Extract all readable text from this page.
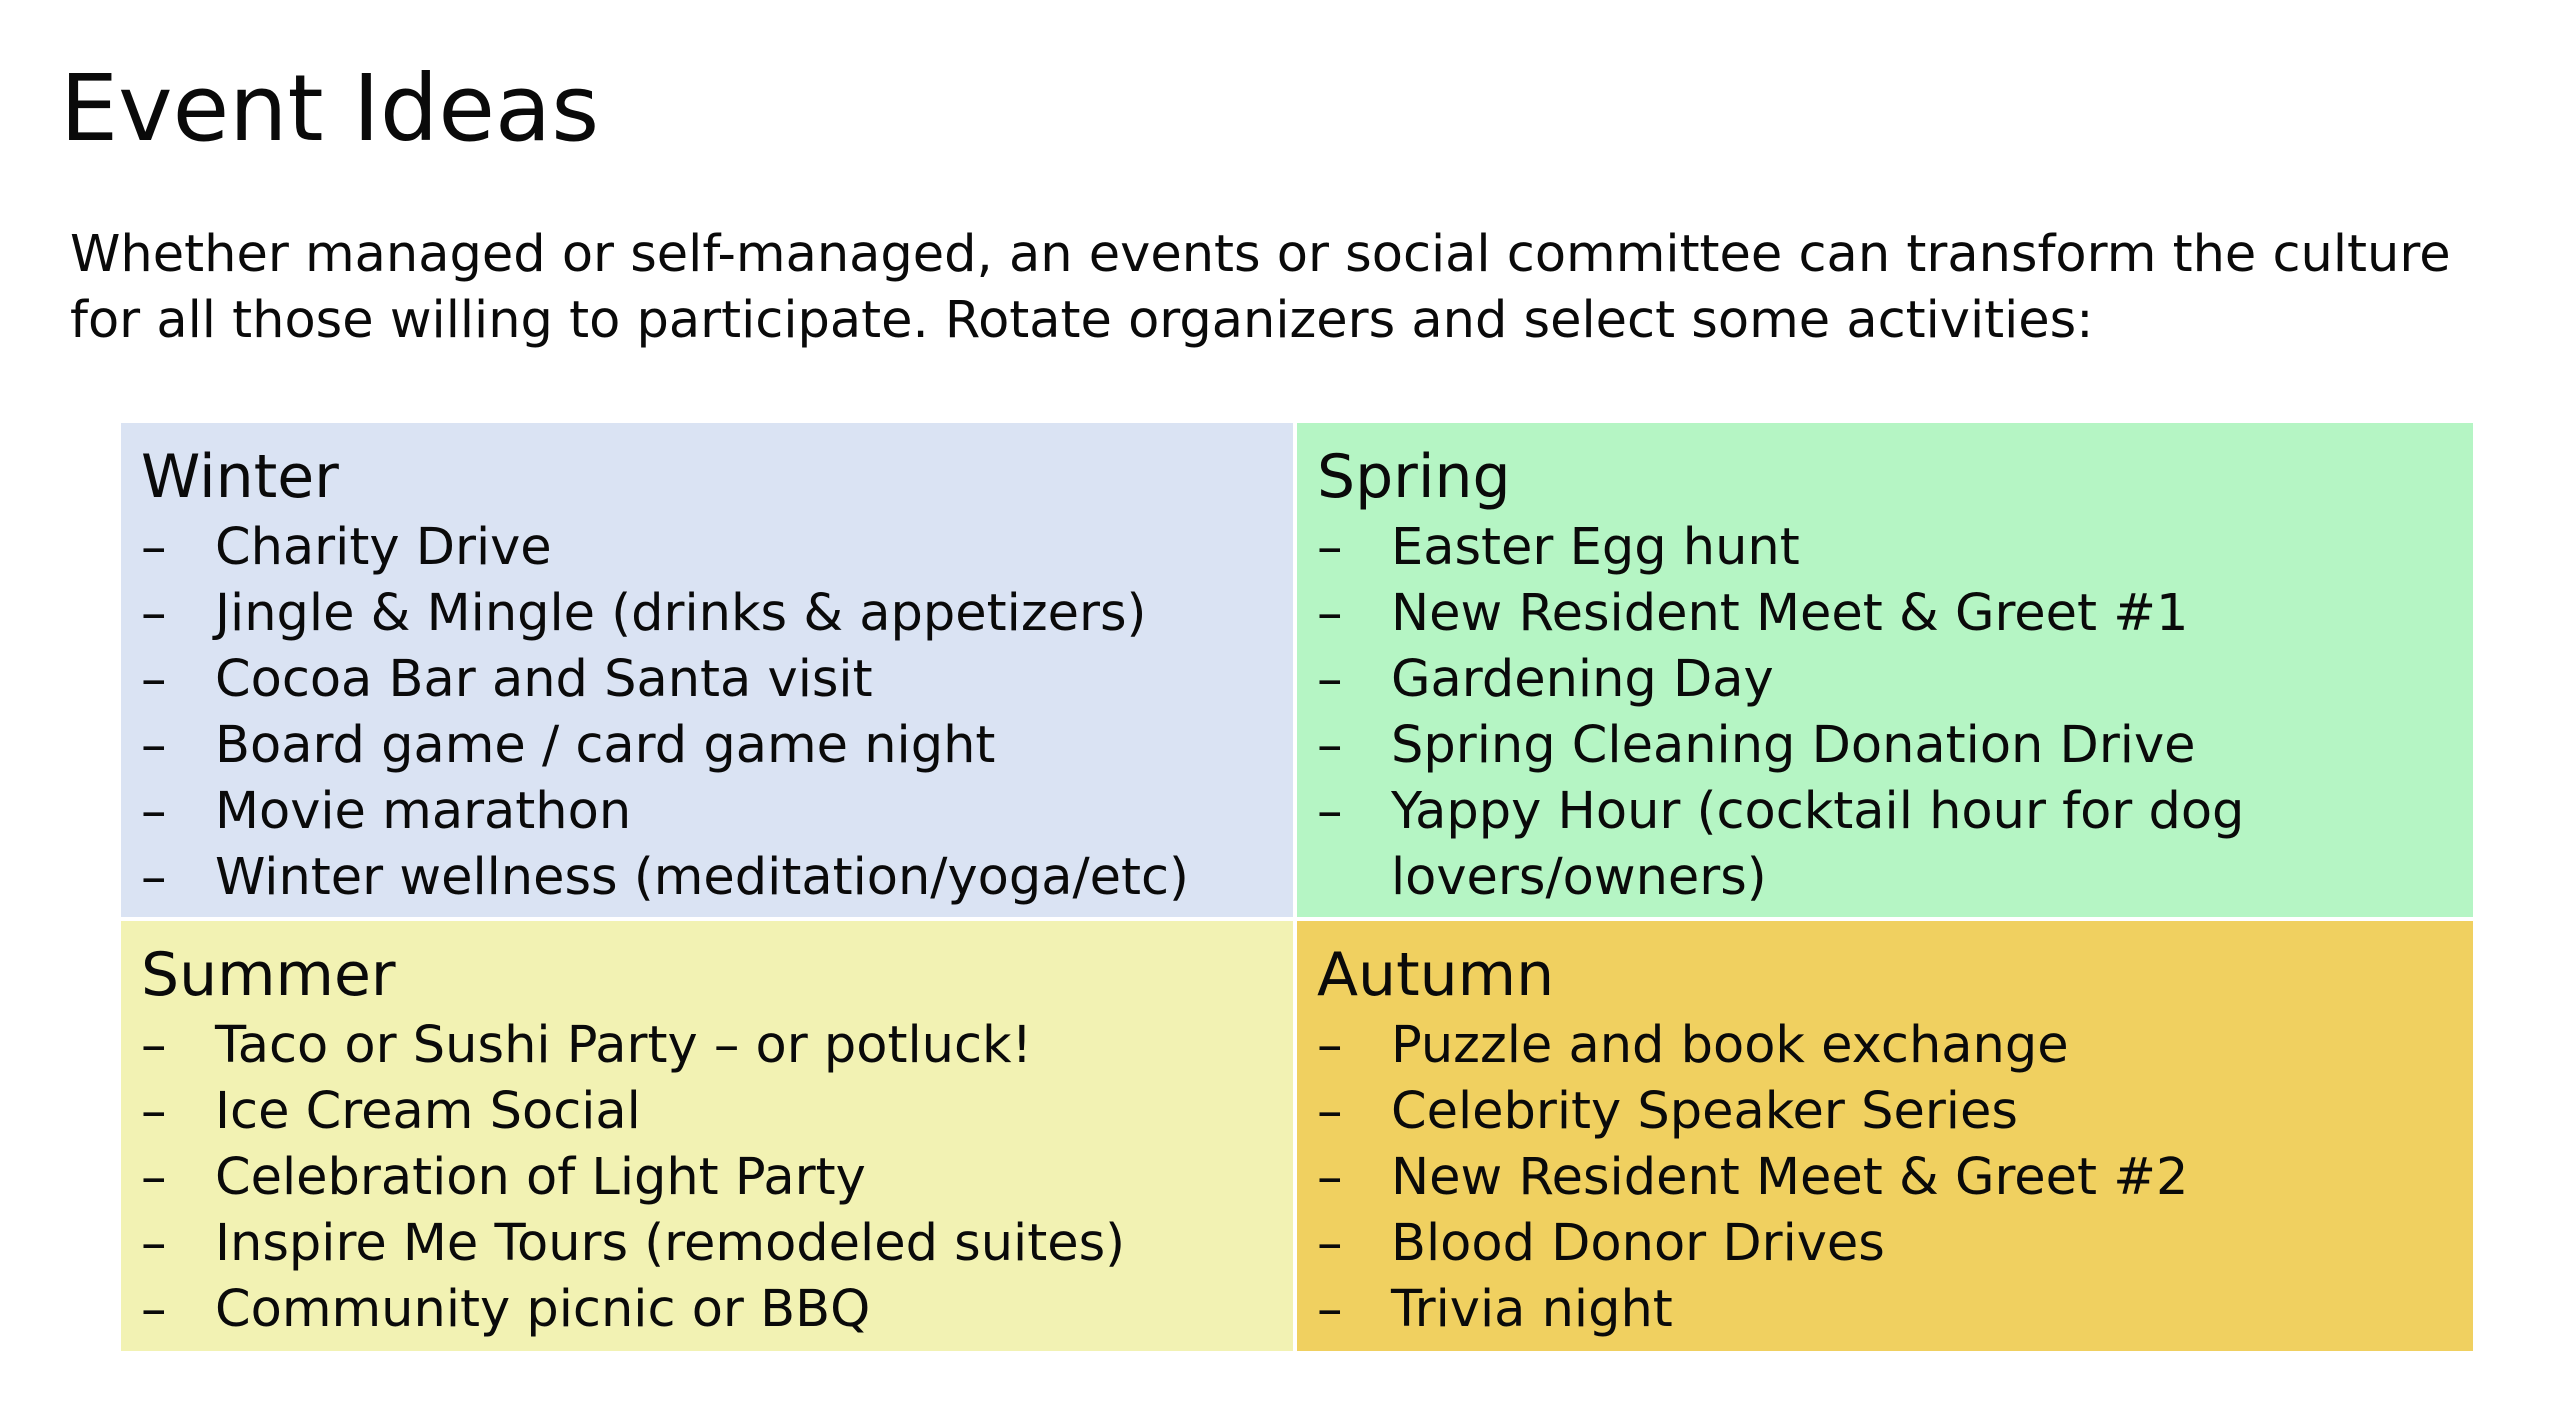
Event Ideas

Whether managed or self-managed, an events or social committee can transform the culture for all those willing to participate. Rotate organizers and select some activities:

Winter
– Charity Drive
– Jingle & Mingle (drinks & appetizers)
– Cocoa Bar and Santa visit
– Board game / card game night
– Movie marathon
– Winter wellness (meditation/yoga/etc)
Spring
– Easter Egg hunt
– New Resident Meet & Greet #1
– Gardening Day
– Spring Cleaning Donation Drive
– Yappy Hour (cocktail hour for dog lovers/owners)
Summer
– Taco or Sushi Party – or potluck!
– Ice Cream Social
– Celebration of Light Party
– Inspire Me Tours (remodeled suites)
– Community picnic or BBQ
Autumn
– Puzzle and book exchange
– Celebrity Speaker Series
– New Resident Meet & Greet #2
– Blood Donor Drives
– Trivia night
